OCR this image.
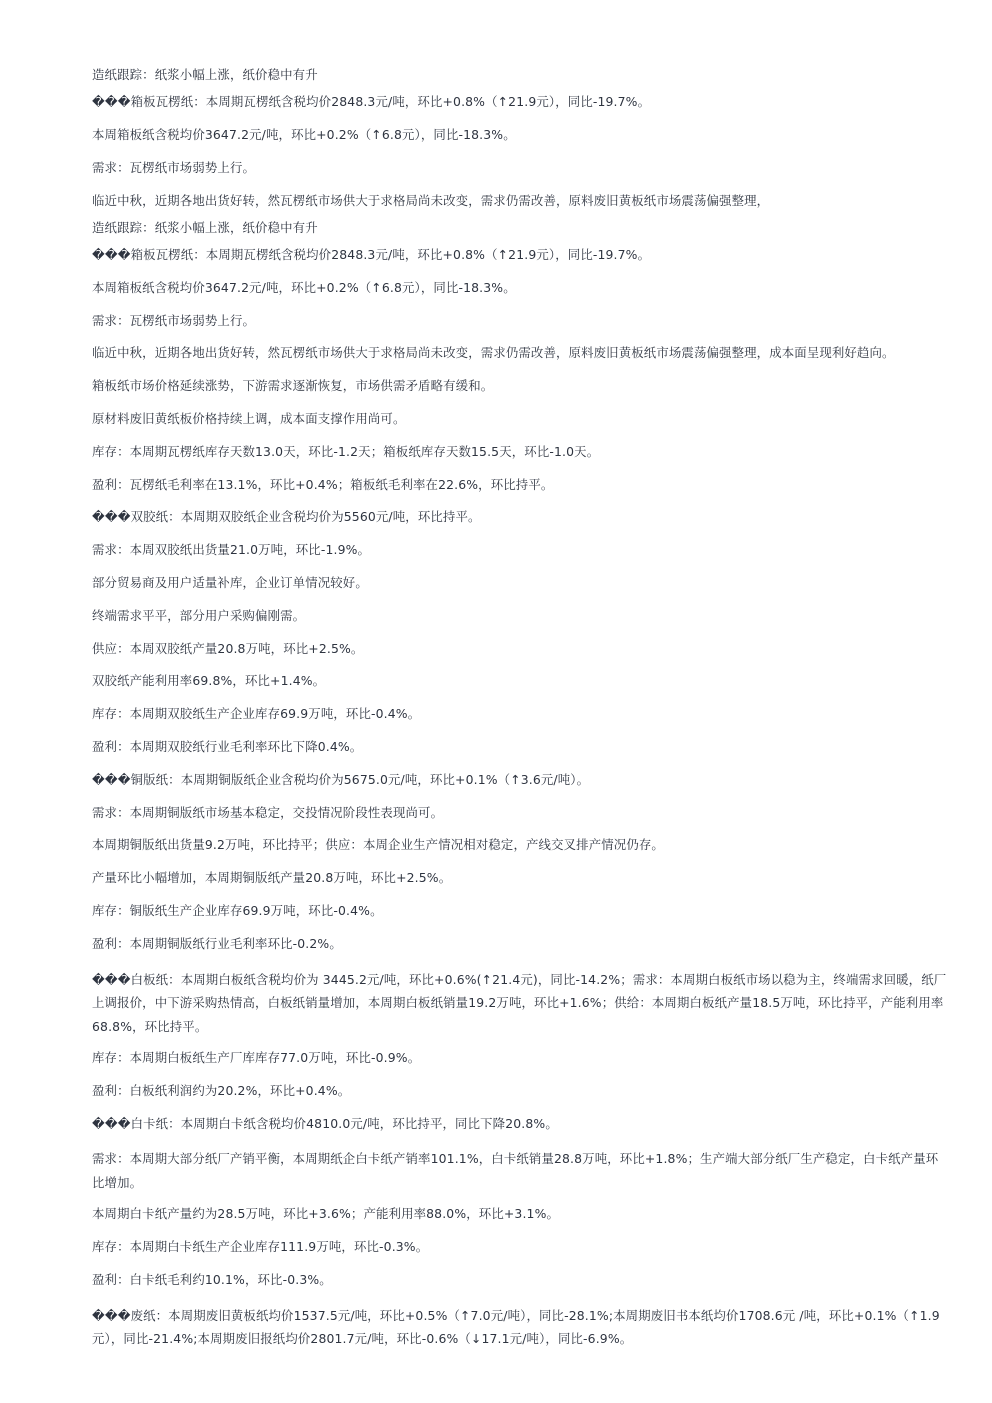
造纸跟踪：纸浆小幅上涨，纸价稳中有升

���箱板瓦楞纸：本周期瓦楞纸含税均价2848.3元/吨，环比+0.8%（↑21.9元），同比-19.7%。

本周箱板纸含税均价3647.2元/吨，环比+0.2%（↑6.8元），同比-18.3%。

需求：瓦楞纸市场弱势上行。

临近中秋，近期各地出货好转，然瓦楞纸市场供大于求格局尚未改变，需求仍需改善，原料废旧黄板纸市场震荡偏强整理，

造纸跟踪：纸浆小幅上涨，纸价稳中有升

���箱板瓦楞纸：本周期瓦楞纸含税均价2848.3元/吨，环比+0.8%（↑21.9元），同比-19.7%。

本周箱板纸含税均价3647.2元/吨，环比+0.2%（↑6.8元），同比-18.3%。

需求：瓦楞纸市场弱势上行。

临近中秋，近期各地出货好转，然瓦楞纸市场供大于求格局尚未改变，需求仍需改善，原料废旧黄板纸市场震荡偏强整理，成本面呈现利好趋向。

箱板纸市场价格延续涨势，下游需求逐渐恢复，市场供需矛盾略有缓和。

原材料废旧黄纸板价格持续上调，成本面支撑作用尚可。

库存：本周期瓦楞纸库存天数13.0天，环比-1.2天；箱板纸库存天数15.5天，环比-1.0天。

盈利：瓦楞纸毛利率在13.1%，环比+0.4%；箱板纸毛利率在22.6%，环比持平。

���双胶纸：本周期双胶纸企业含税均价为5560元/吨，环比持平。

需求：本周双胶纸出货量21.0万吨，环比-1.9%。

部分贸易商及用户适量补库，企业订单情况较好。

终端需求平平，部分用户采购偏刚需。

供应：本周双胶纸产量20.8万吨，环比+2.5%。

双胶纸产能利用率69.8%，环比+1.4%。

库存：本周期双胶纸生产企业库存69.9万吨，环比-0.4%。

盈利：本周期双胶纸行业毛利率环比下降0.4%。

���铜版纸：本周期铜版纸企业含税均价为5675.0元/吨，环比+0.1%（↑3.6元/吨）。

需求：本周期铜版纸市场基本稳定，交投情况阶段性表现尚可。

本周期铜版纸出货量9.2万吨，环比持平；供应：本周企业生产情况相对稳定，产线交叉排产情况仍存。

产量环比小幅增加，本周期铜版纸产量20.8万吨，环比+2.5%。

库存：铜版纸生产企业库存69.9万吨，环比-0.4%。

盈利：本周期铜版纸行业毛利率环比-0.2%。

���白板纸：本周期白板纸含税均价为 3445.2元/吨，环比+0.6%(↑21.4元)，同比-14.2%；需求：本周期白板纸市场以稳为主，终端需求回暖，纸厂上调报价，中下游采购热情高，白板纸销量增加，本周期白板纸销量19.2万吨，环比+1.6%；供给：本周期白板纸产量18.5万吨，环比持平，产能利用率68.8%，环比持平。

库存：本周期白板纸生产厂库库存77.0万吨，环比-0.9%。

盈利：白板纸利润约为20.2%，环比+0.4%。

���白卡纸：本周期白卡纸含税均价4810.0元/吨，环比持平，同比下降20.8%。

需求：本周期大部分纸厂产销平衡，本周期纸企白卡纸产销率101.1%，白卡纸销量28.8万吨，环比+1.8%；生产端大部分纸厂生产稳定，白卡纸产量环比增加。

本周期白卡纸产量约为28.5万吨，环比+3.6%；产能利用率88.0%，环比+3.1%。

库存：本周期白卡纸生产企业库存111.9万吨，环比-0.3%。

盈利：白卡纸毛利约10.1%，环比-0.3%。

���废纸：本周期废旧黄板纸均价1537.5元/吨，环比+0.5%（↑7.0元/吨），同比-28.1%;本周期废旧书本纸均价1708.6元 /吨，环比+0.1%（↑1.9元），同比-21.4%;本周期废旧报纸均价2801.7元/吨，环比-0.6%（↓17.1元/吨），同比-6.9%。
